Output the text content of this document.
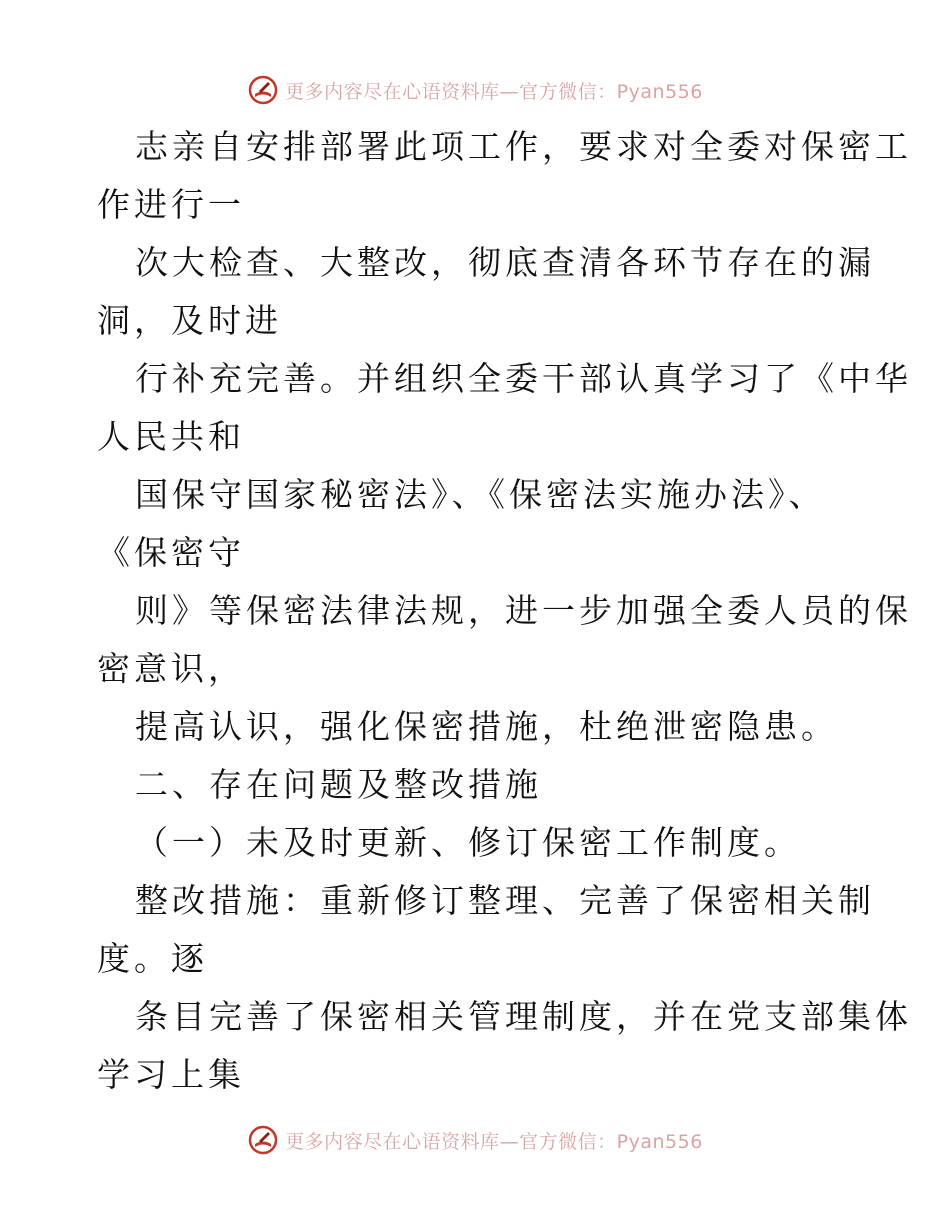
更多内容尽在心语资料库—官方微信：Pyan556
志亲自安排部署此项工作，要求对全委对保密工
作进行一
次大检查、大整改，彻底查清各环节存在的漏
洞，及时进
行补充完善。并组织全委干部认真学习了《中华
人民共和
国保守国家秘密法》、《保密法实施办法》、
《保密守
则》等保密法律法规，进一步加强全委人员的保
密意识，
提高认识，强化保密措施，杜绝泄密隐患。
二、存在问题及整改措施
（一）未及时更新、修订保密工作制度。
整改措施：重新修订整理、完善了保密相关制
度。逐
条目完善了保密相关管理制度，并在党支部集体
学习上集
更多内容尽在心语资料库—官方微信：Pyan556
